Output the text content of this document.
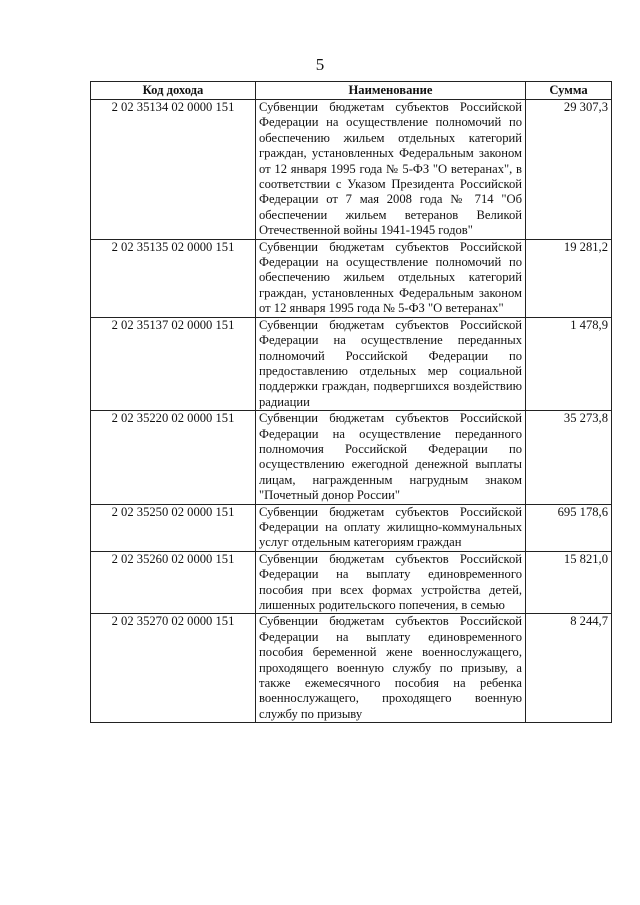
5
Код дохода	Наименование	Сумма
2 02 35134 02 0000 151	Субвенции бюджетам субъектов Российской Федерации на осуществление полномочий по обеспечению жильем отдельных категорий граждан, установленных Федеральным законом от 12 января 1995 года № 5-ФЗ "О ветеранах", в соответствии с Указом Президента Российской Федерации от 7 мая 2008 года № 714 "Об обеспечении жильем ветеранов Великой Отечественной войны 1941-1945 годов"	29 307,3
2 02 35135 02 0000 151	Субвенции бюджетам субъектов Российской Федерации на осуществление полномочий по обеспечению жильем отдельных категорий граждан, установленных Федеральным законом от 12 января 1995 года № 5-ФЗ "О ветеранах"	19 281,2
2 02 35137 02 0000 151	Субвенции бюджетам субъектов Российской Федерации на осуществление переданных полномочий Российской Федерации по предоставлению отдельных мер социальной поддержки граждан, подвергшихся воздействию радиации	1 478,9
2 02 35220 02 0000 151	Субвенции бюджетам субъектов Российской Федерации на осуществление переданного полномочия Российской Федерации по осуществлению ежегодной денежной выплаты лицам, награжденным нагрудным знаком "Почетный донор России"	35 273,8
2 02 35250 02 0000 151	Субвенции бюджетам субъектов Российской Федерации на оплату жилищно-коммунальных услуг отдельным категориям граждан	695 178,6
2 02 35260 02 0000 151	Субвенции бюджетам субъектов Российской Федерации на выплату единовременного пособия при всех формах устройства детей, лишенных родительского попечения, в семью	15 821,0
2 02 35270 02 0000 151	Субвенции бюджетам субъектов Российской Федерации на выплату единовременного пособия беременной жене военнослужащего, проходящего военную службу по призыву, а также ежемесячного пособия на ребенка военнослужащего, проходящего военную службу по призыву	8 244,7
